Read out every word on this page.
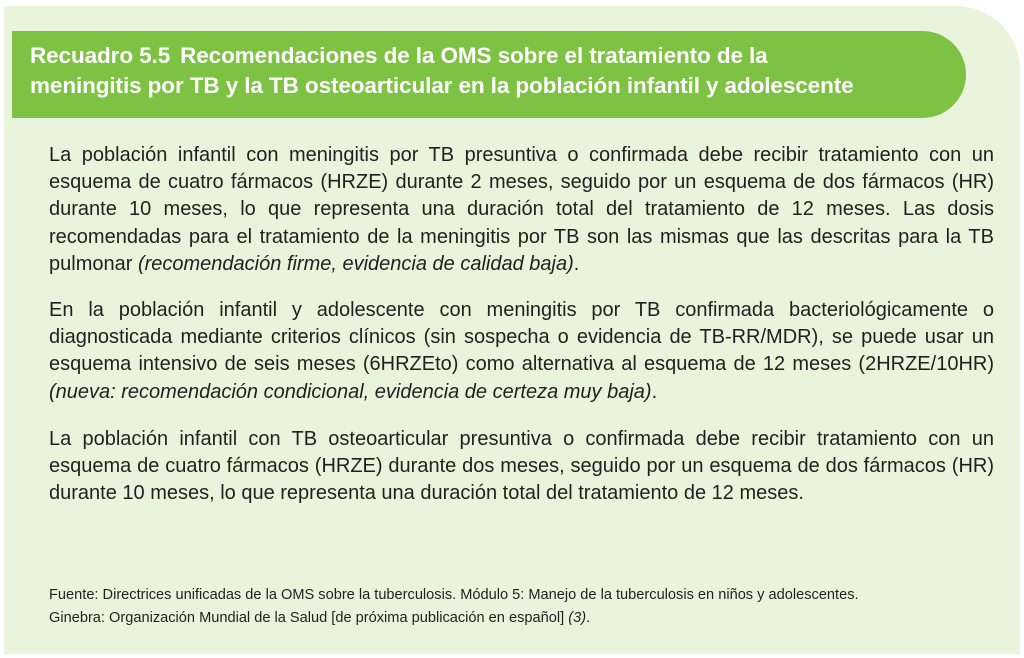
Recuadro 5.5 Recomendaciones de la OMS sobre el tratamiento de la
meningitis por TB y la TB osteoarticular en la población infantil y adolescente

La población infantil con meningitis por TB presuntiva o confirmada debe recibir tratamiento con un esquema de cuatro fármacos (HRZE) durante 2 meses, seguido por un esquema de dos fármacos (HR) durante 10 meses, lo que representa una duración total del tratamiento de 12 meses. Las dosis recomendadas para el tratamiento de la meningitis por TB son las mismas que las descritas para la TB pulmonar (recomendación firme, evidencia de calidad baja).

En la población infantil y adolescente con meningitis por TB confirmada bacteriológicamente o diagnosticada mediante criterios clínicos (sin sospecha o evidencia de TB-RR/MDR), se puede usar un esquema intensivo de seis meses (6HRZEto) como alternativa al esquema de 12 meses (2HRZE/10HR) (nueva: recomendación condicional, evidencia de certeza muy baja).

La población infantil con TB osteoarticular presuntiva o confirmada debe recibir tratamiento con un esquema de cuatro fármacos (HRZE) durante dos meses, seguido por un esquema de dos fármacos (HR) durante 10 meses, lo que representa una duración total del tratamiento de 12 meses.

Fuente: Directrices unificadas de la OMS sobre la tuberculosis. Módulo 5: Manejo de la tuberculosis en niños y adolescentes.
Ginebra: Organización Mundial de la Salud [de próxima publicación en español] (3).
